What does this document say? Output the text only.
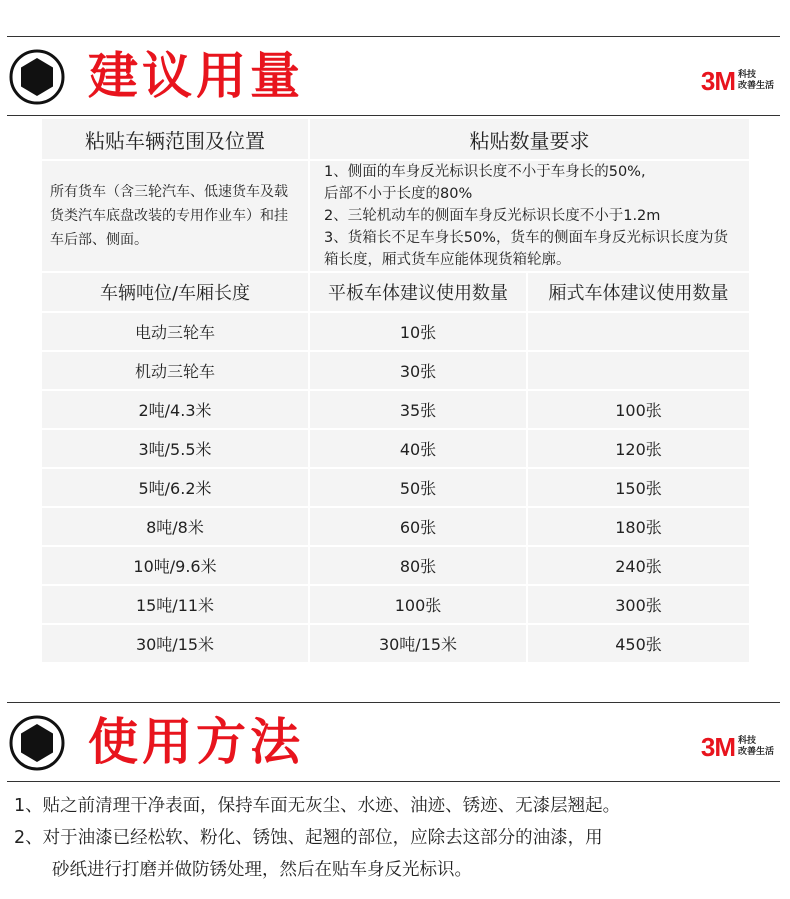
建议用量	3M 科技
改善生活
粘贴车辆范围及位置	粘贴数量要求	
所有货车（含三轮汽车、低速货车及载货类汽车底盘改装的专用作业车）和挂车后部、侧面。	1、侧面的车身反光标识长度不小于车身长的50%,
后部不小于长度的80%
2、三轮机动车的侧面车身反光标识长度不小于1.2m
3、货箱长不足车身长50%，货车的侧面车身反光标识长度为货箱长度，厢式货车应能体现货箱轮廓。	

车辆吨位/车厢长度	平板车体建议使用数量	厢式车体建议使用数量
电动三轮车	10张	
机动三轮车	30张	
2吨/4.3米	35张	100张
3吨/5.5米	40张	120张
5吨/6.2米	50张	150张
8吨/8米	60张	180张
10吨/9.6米	80张	240张
15吨/11米	100张	300张
30吨/15米	30吨/15米	450张
使用方法	3M 科技
改善生活

1、贴之前清理干净表面，保持车面无灰尘、水迹、油迹、锈迹、无漆层翘起。

2、对于油漆已经松软、粉化、锈蚀、起翘的部位，应除去这部分的油漆，用

砂纸进行打磨并做防锈处理，然后在贴车身反光标识。
